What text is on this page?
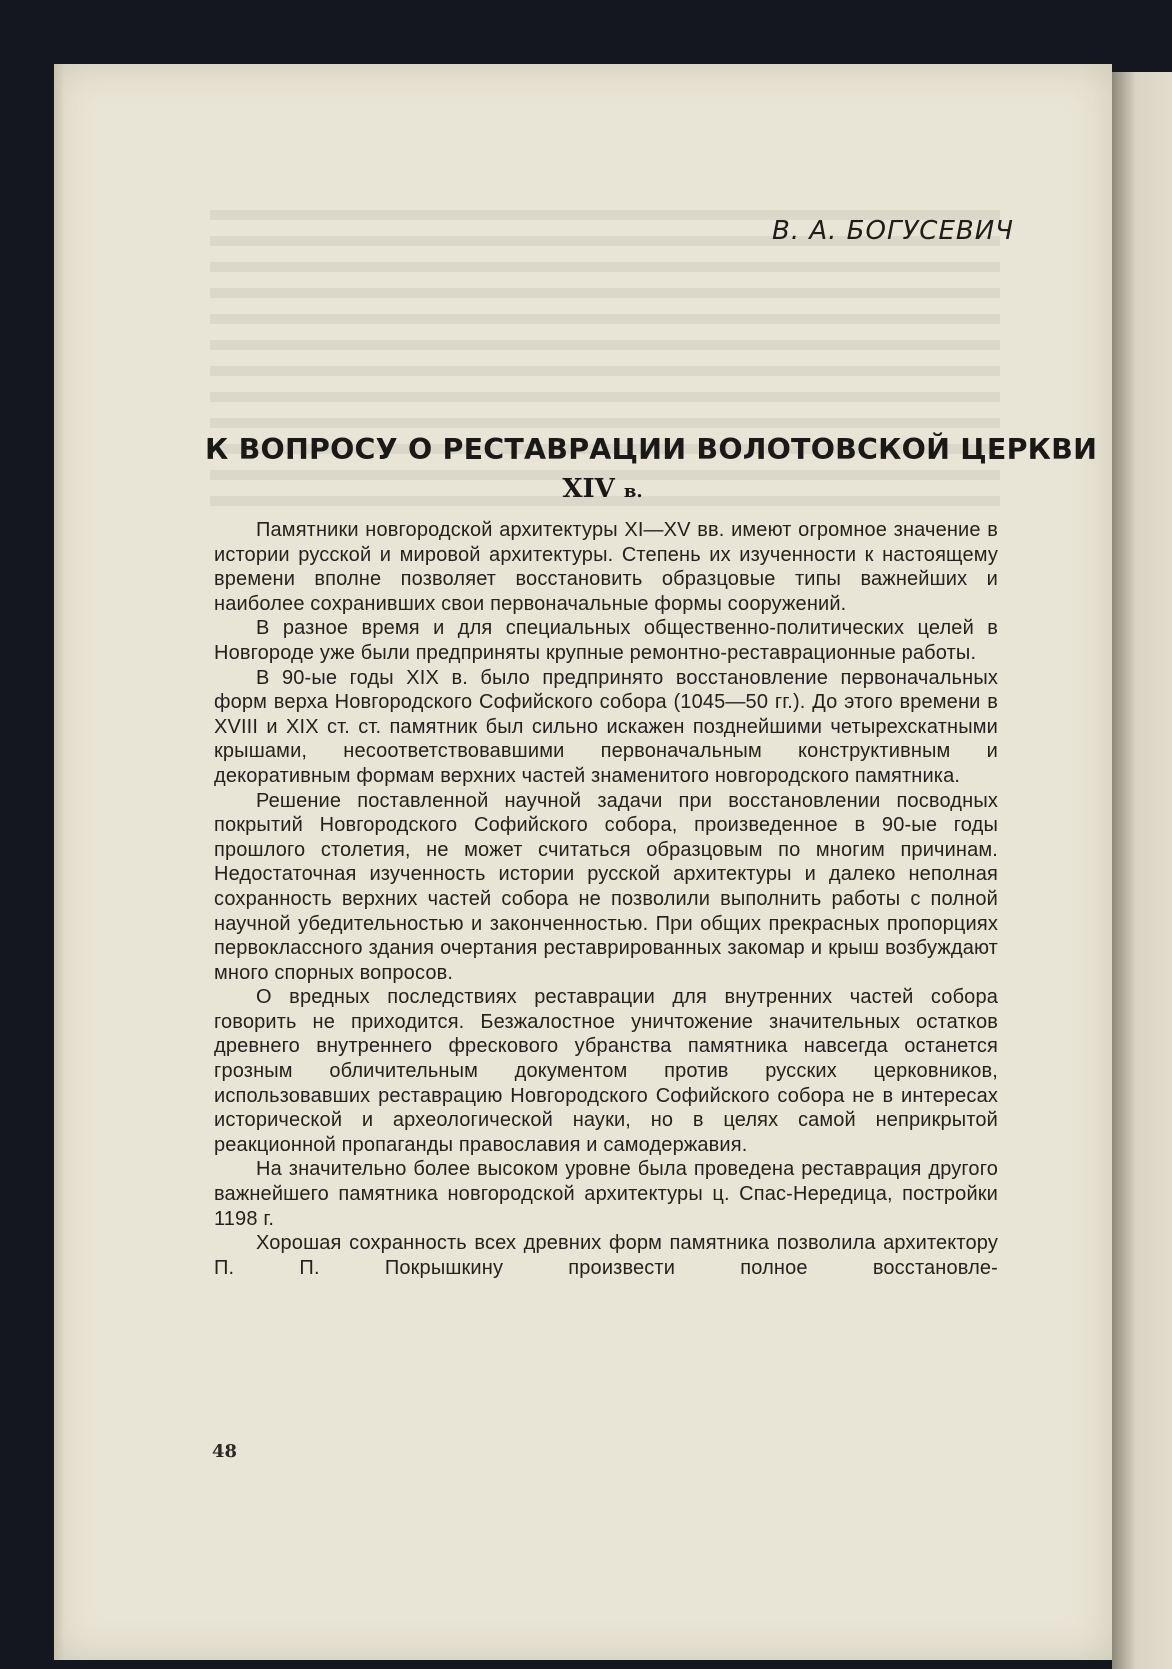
В. А. БОГУСЕВИЧ
К ВОПРОСУ О РЕСТАВРАЦИИ ВОЛОТОВСКОЙ ЦЕРКВИ
XIV в.

Памятники новгородской архитектуры XI—XV вв. имеют огромное значение в истории русской и мировой архитектуры. Степень их изученности к настоящему времени вполне позволяет восстановить образцовые типы важнейших и наиболее сохранивших свои первоначальные формы сооружений.

В разное время и для специальных общественно-политических целей в Новгороде уже были предприняты крупные ремонтно-реставрационные работы.

В 90-ые годы XIX в. было предпринято восстановление первоначальных форм верха Новгородского Софийского собора (1045—50 гг.). До этого времени в XVIII и XIX ст. ст. памятник был сильно искажен позднейшими четырехскатными крышами, несоответствовавшими первоначальным конструктивным и декоративным формам верхних частей знаменитого новгородского памятника.

Решение поставленной научной задачи при восстановлении посводных покрытий Новгородского Софийского собора, произведенное в 90-ые годы прошлого столетия, не может считаться образцовым по многим причинам. Недостаточная изученность истории русской архитектуры и далеко неполная сохранность верхних частей собора не позволили выполнить работы с полной научной убедительностью и законченностью. При общих прекрасных пропорциях первоклассного здания очертания реставрированных закомар и крыш возбуждают много спорных вопросов.

О вредных последствиях реставрации для внутренних частей собора говорить не приходится. Безжалостное уничтожение значительных остатков древнего внутреннего фрескового убранства памятника навсегда останется грозным обличительным документом против русских церковников, использовавших реставрацию Новгородского Софийского собора не в интересах исторической и археологической науки, но в целях самой неприкрытой реакционной пропаганды православия и самодержавия.

На значительно более высоком уровне была проведена реставрация другого важнейшего памятника новгородской архитектуры ц. Спас-Нередица, постройки 1198 г.

Хорошая сохранность всех древних форм памятника позволила архитектору П. П. Покрышкину произвести полное восстановле-

48
